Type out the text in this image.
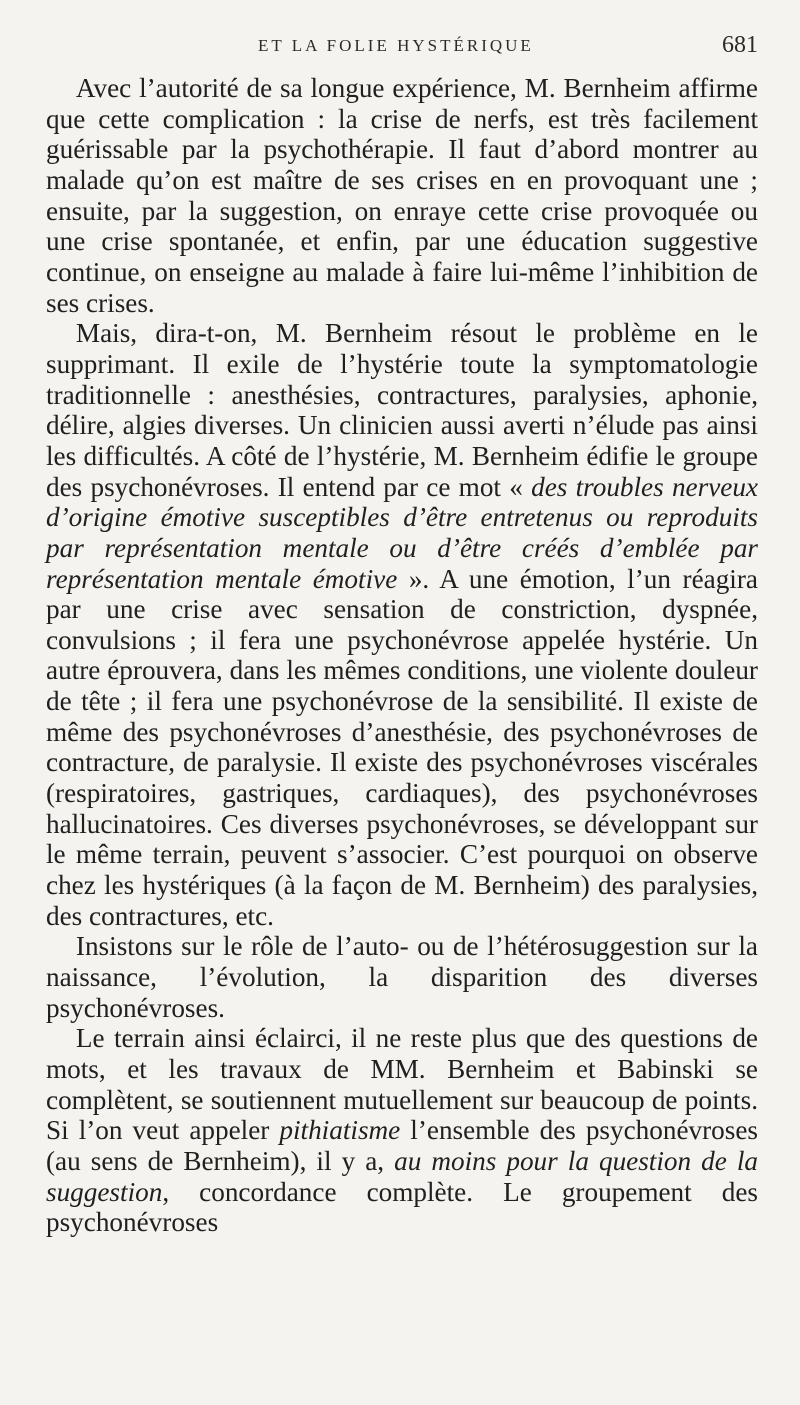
ET LA FOLIE HYSTÉRIQUE	681

Avec l’autorité de sa longue expérience, M. Bernheim affirme que cette complication : la crise de nerfs, est très facilement guérissable par la psychothérapie. Il faut d’abord montrer au malade qu’on est maître de ses crises en en provoquant une ; ensuite, par la suggestion, on enraye cette crise provoquée ou une crise spontanée, et enfin, par une éducation suggestive continue, on enseigne au malade à faire lui-même l’inhibition de ses crises.

Mais, dira-t-on, M. Bernheim résout le problème en le supprimant. Il exile de l’hystérie toute la symptomatologie traditionnelle : anesthésies, contractures, paralysies, aphonie, délire, algies diverses. Un clinicien aussi averti n’élude pas ainsi les difficultés. A côté de l’hystérie, M. Bernheim édifie le groupe des psychonévroses. Il entend par ce mot « des troubles nerveux d’origine émotive susceptibles d’être entretenus ou reproduits par représentation mentale ou d’être créés d’emblée par représentation mentale émotive ». A une émotion, l’un réagira par une crise avec sensation de constriction, dyspnée, convulsions ; il fera une psychonévrose appelée hystérie. Un autre éprouvera, dans les mêmes conditions, une violente douleur de tête ; il fera une psychonévrose de la sensibilité. Il existe de même des psychonévroses d’anesthésie, des psychonévroses de contracture, de paralysie. Il existe des psychonévroses viscérales (respiratoires, gastriques, cardiaques), des psychonévroses hallucinatoires. Ces diverses psychonévroses, se développant sur le même terrain, peuvent s’associer. C’est pourquoi on observe chez les hystériques (à la façon de M. Bernheim) des paralysies, des contractures, etc.

Insistons sur le rôle de l’auto- ou de l’hétérosuggestion sur la naissance, l’évolution, la disparition des diverses psychonévroses.

Le terrain ainsi éclairci, il ne reste plus que des questions de mots, et les travaux de MM. Bernheim et Babinski se complètent, se soutiennent mutuellement sur beaucoup de points. Si l’on veut appeler pithiatisme l’ensemble des psychonévroses (au sens de Bernheim), il y a, au moins pour la question de la suggestion, concordance complète. Le groupement des psychonévroses
